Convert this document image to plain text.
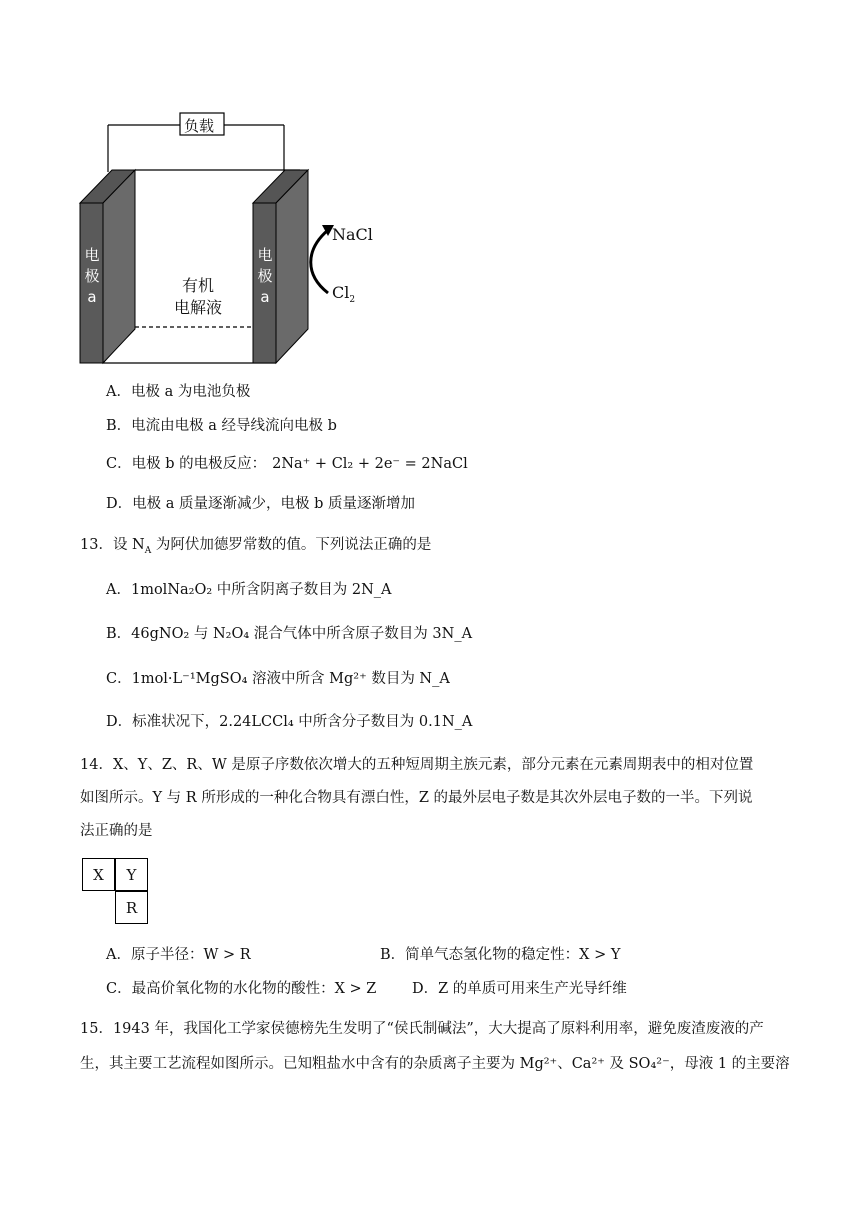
负载
电
极
a
电
极
a
有机
电解液
NaCl
$Cl_2$
A．电极 a 为电池负极
B．电流由电极 a 经导线流向电极 b
C．电极 b 的电极反应： 2Na⁺ + Cl₂ + 2e⁻ = 2NaCl
D．电极 a 质量逐渐减少，电极 b 质量逐渐增加
13．设 $N_A$ 为阿伏加德罗常数的值。下列说法正确的是
A．1molNa₂O₂ 中所含阴离子数目为 2N_A
B．46gNO₂ 与 N₂O₄ 混合气体中所含原子数目为 3N_A
C．1mol·L⁻¹MgSO₄ 溶液中所含 Mg²⁺ 数目为 N_A
D．标准状况下，2.24LCCl₄ 中所含分子数目为 0.1N_A
14．X、Y、Z、R、W 是原子序数依次增大的五种短周期主族元素，部分元素在元素周期表中的相对位置
如图所示。Y 与 R 所形成的一种化合物具有漂白性，Z 的最外层电子数是其次外层电子数的一半。下列说
法正确的是
X	Y
R
A．原子半径：W > R	B．简单气态氢化物的稳定性：X > Y
C．最高价氧化物的水化物的酸性：X > Z D．Z 的单质可用来生产光导纤维
15．1943 年，我国化工学家侯德榜先生发明了“侯氏制碱法”，大大提高了原料利用率，避免废渣废液的产
生，其主要工艺流程如图所示。已知粗盐水中含有的杂质离子主要为 Mg²⁺、Ca²⁺ 及 SO₄²⁻，母液 1 的主要溶
